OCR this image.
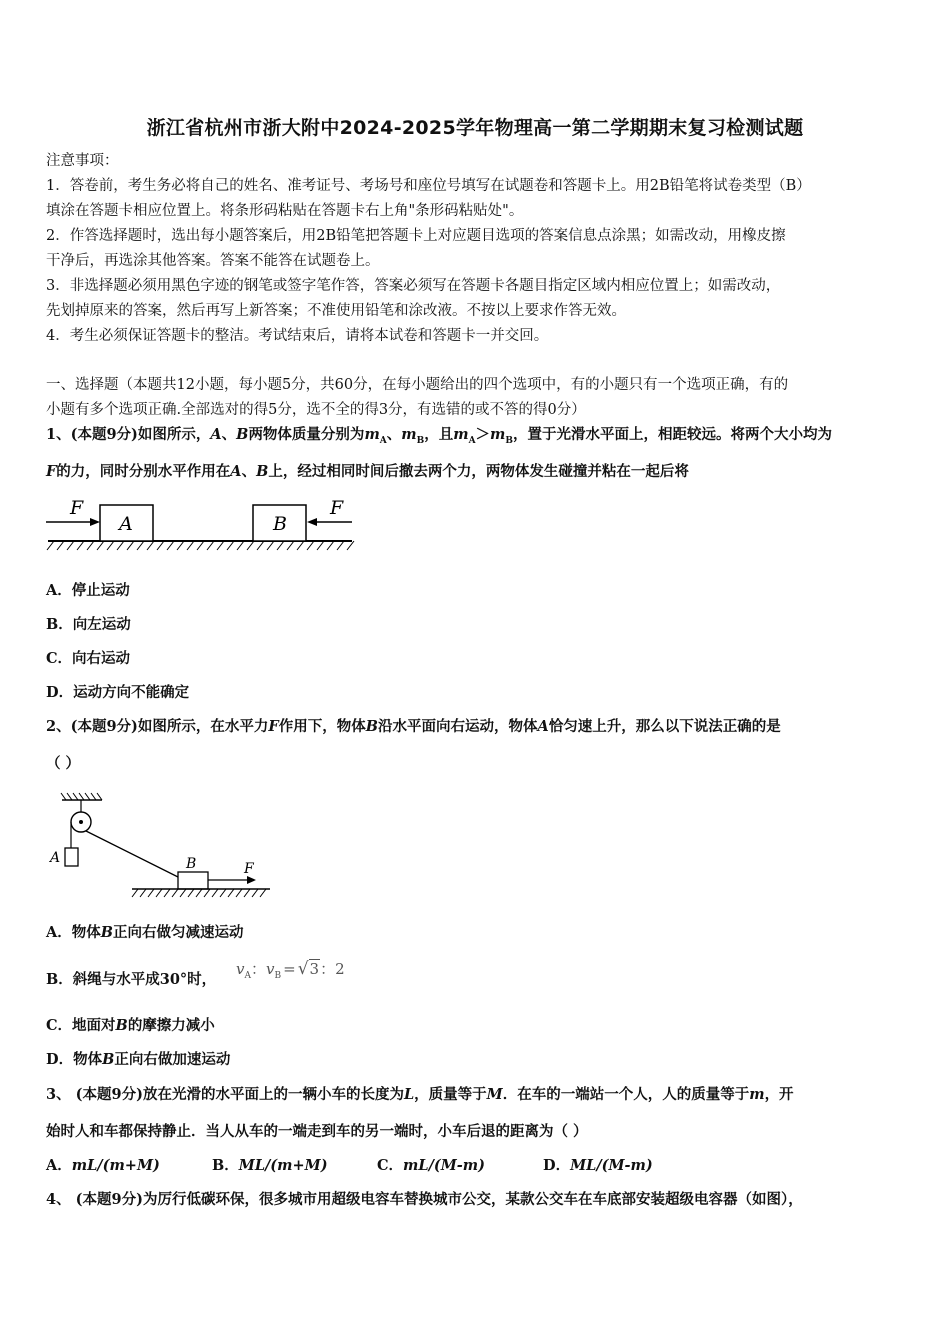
浙江省杭州市浙大附中2024-2025学年物理高一第二学期期末复习检测试题
注意事项：
1．答卷前，考生务必将自己的姓名、准考证号、考场号和座位号填写在试题卷和答题卡上。用2B铅笔将试卷类型（B）
填涂在答题卡相应位置上。将条形码粘贴在答题卡右上角"条形码粘贴处"。
2．作答选择题时，选出每小题答案后，用2B铅笔把答题卡上对应题目选项的答案信息点涂黑；如需改动，用橡皮擦
干净后，再选涂其他答案。答案不能答在试题卷上。
3．非选择题必须用黑色字迹的钢笔或签字笔作答，答案必须写在答题卡各题目指定区域内相应位置上；如需改动，
先划掉原来的答案，然后再写上新答案；不准使用铅笔和涂改液。不按以上要求作答无效。
4．考生必须保证答题卡的整洁。考试结束后，请将本试卷和答题卡一并交回。
一、选择题（本题共12小题，每小题5分，共60分，在每小题给出的四个选项中，有的小题只有一个选项正确，有的
小题有多个选项正确.全部选对的得5分，选不全的得3分，有选错的或不答的得0分）
1、(本题9分)如图所示，A、B两物体质量分别为$m_A$、$m_B$，且$m_A>m_B$，置于光滑水平面上，相距较远。将两个大小均为
F的力，同时分别水平作用在A、B上，经过相同时间后撤去两个力，两物体发生碰撞并粘在一起后将
A	B
F	F
A．停止运动
B．向左运动
C．向右运动
D．运动方向不能确定
2、(本题9分)如图所示，在水平力F作用下，物体B沿水平面向右运动，物体A恰匀速上升，那么以下说法正确的是
（ ）
A	B	F
A．物体B正向右做匀减速运动
B．斜绳与水平成30°时，
$v_A$：$v_B = √3$：2
C．地面对B的摩擦力减小
D．物体B正向右做加速运动
3、 (本题9分)放在光滑的水平面上的一辆小车的长度为L，质量等于M．在车的一端站一个人，人的质量等于m，开
始时人和车都保持静止．当人从车的一端走到车的另一端时，小车后退的距离为（ ）
A．mL/(m+M)	B．ML/(m+M)	C．mL/(M-m)	D．ML/(M-m)
4、 (本题9分)为厉行低碳环保，很多城市用超级电容车替换城市公交，某款公交车在车底部安装超级电容器（如图），
